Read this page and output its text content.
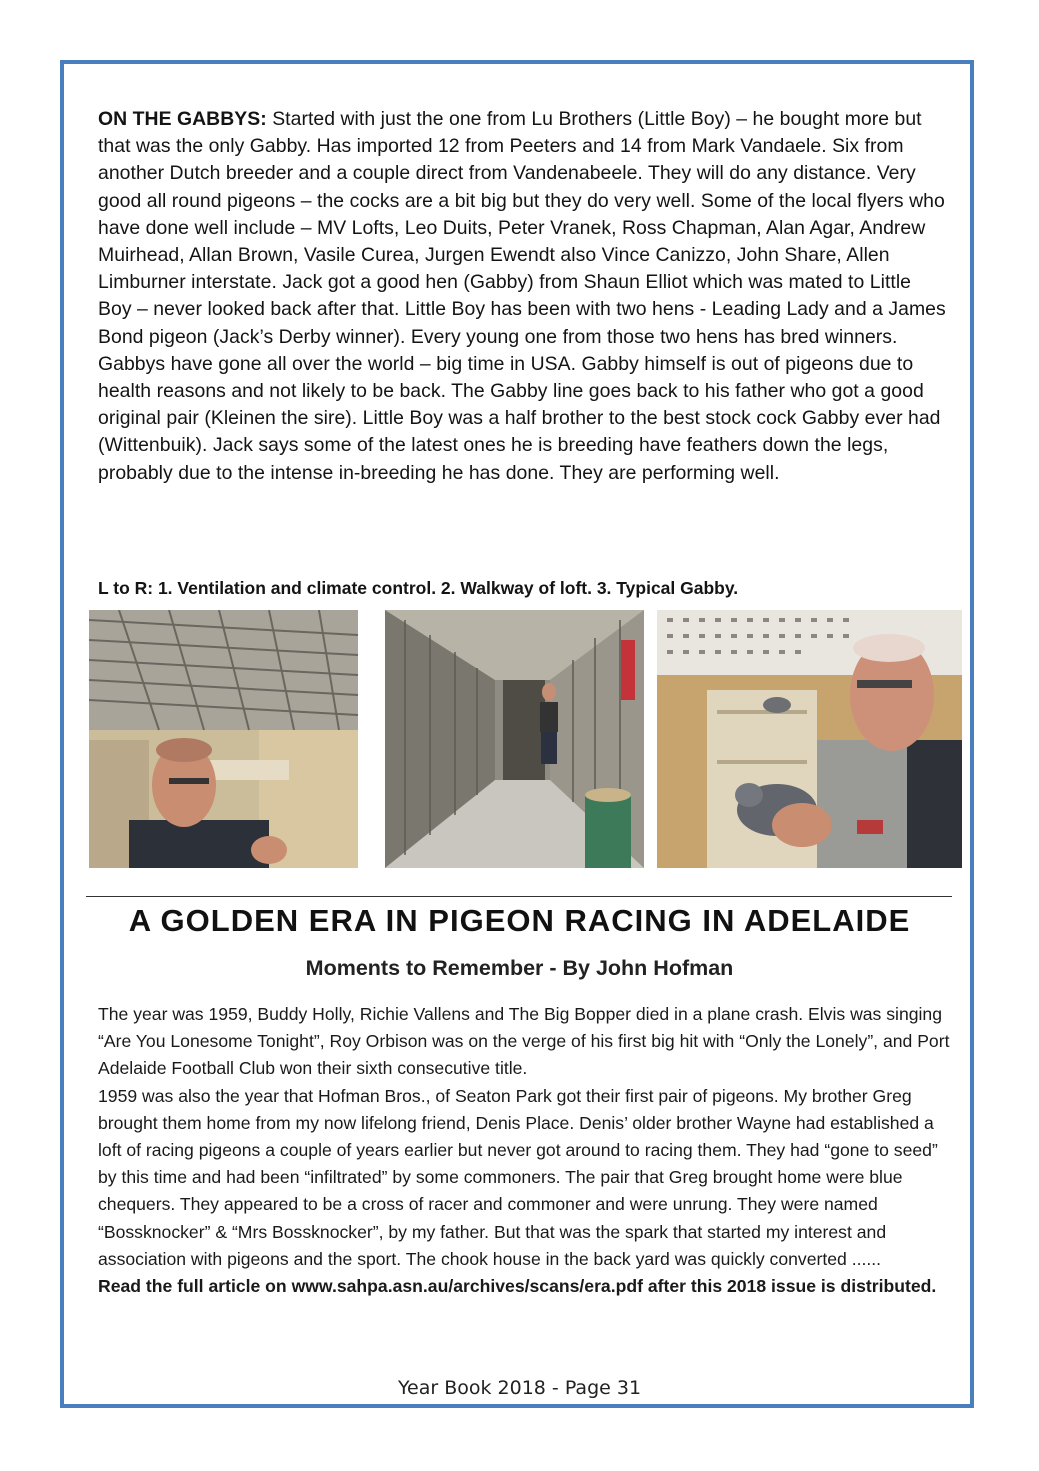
ON THE GABBYS: Started with just the one from Lu Brothers (Little Boy) – he bought more but that was the only Gabby. Has imported 12 from Peeters and 14 from Mark Vandaele. Six from another Dutch breeder and a couple direct from Vandenabeele. They will do any distance. Very good all round pigeons – the cocks are a bit big but they do very well. Some of the local flyers who have done well include – MV Lofts, Leo Duits, Peter Vranek, Ross Chapman, Alan Agar, Andrew Muirhead, Allan Brown, Vasile Curea, Jurgen Ewendt also Vince Canizzo, John Share, Allen Limburner interstate. Jack got a good hen (Gabby) from Shaun Elliot which was mated to Little Boy – never looked back after that. Little Boy has been with two hens - Leading Lady and a James Bond pigeon (Jack’s Derby winner). Every young one from those two hens has bred winners. Gabbys have gone all over the world – big time in USA. Gabby himself is out of pigeons due to health reasons and not likely to be back. The Gabby line goes back to his father who got a good original pair (Kleinen the sire). Little Boy was a half brother to the best stock cock Gabby ever had (Wittenbuik). Jack says some of the latest ones he is breeding have feathers down the legs, probably due to the intense in-breeding he has done. They are performing well.

L to R: 1. Ventilation and climate control. 2. Walkway of loft. 3. Typical Gabby.

A GOLDEN ERA IN PIGEON RACING IN ADELAIDE
Moments to Remember - By John Hofman
The year was 1959, Buddy Holly, Richie Vallens and The Big Bopper died in a plane crash. Elvis was singing “Are You Lonesome Tonight”, Roy Orbison was on the verge of his first big hit with “Only the Lonely”, and Port Adelaide Football Club won their sixth consecutive title.
1959 was also the year that Hofman Bros., of Seaton Park got their first pair of pigeons. My brother Greg brought them home from my now lifelong friend, Denis Place. Denis’ older brother Wayne had established a loft of racing pigeons a couple of years earlier but never got around to racing them. They had “gone to seed” by this time and had been “infiltrated” by some commoners. The pair that Greg brought home were blue chequers. They appeared to be a cross of racer and commoner and were unrung. They were named “Bossknocker” & “Mrs Bossknocker”, by my father. But that was the spark that started my interest and association with pigeons and the sport. The chook house in the back yard was quickly converted ......
Read the full article on www.sahpa.asn.au/archives/scans/era.pdf after this 2018 issue is distributed.

Year Book 2018 - Page 31
